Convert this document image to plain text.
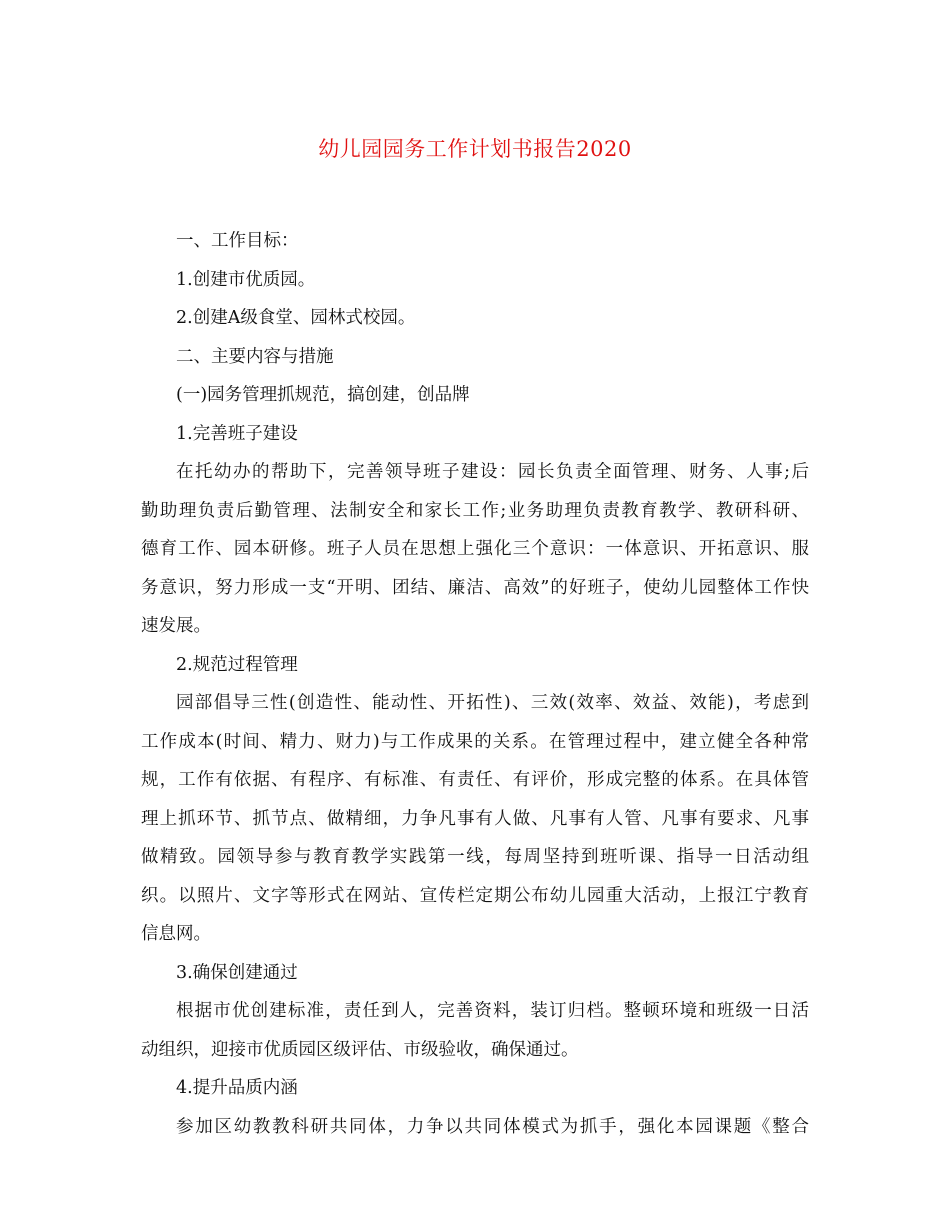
幼儿园园务工作计划书报告2020
一、工作目标：
1.创建市优质园。
2.创建A级食堂、园林式校园。
二、主要内容与措施
(一)园务管理抓规范，搞创建，创品牌
1.完善班子建设
在托幼办的帮助下，完善领导班子建设：园长负责全面管理、财务、人事;后
勤助理负责后勤管理、法制安全和家长工作;业务助理负责教育教学、教研科研、
德育工作、园本研修。班子人员在思想上强化三个意识：一体意识、开拓意识、服
务意识，努力形成一支“开明、团结、廉洁、高效”的好班子，使幼儿园整体工作快
速发展。
2.规范过程管理
园部倡导三性(创造性、能动性、开拓性)、三效(效率、效益、效能)，考虑到
工作成本(时间、精力、财力)与工作成果的关系。在管理过程中，建立健全各种常
规，工作有依据、有程序、有标准、有责任、有评价，形成完整的体系。在具体管
理上抓环节、抓节点、做精细，力争凡事有人做、凡事有人管、凡事有要求、凡事
做精致。园领导参与教育教学实践第一线，每周坚持到班听课、指导一日活动组
织。以照片、文字等形式在网站、宣传栏定期公布幼儿园重大活动，上报江宁教育
信息网。
3.确保创建通过
根据市优创建标准，责任到人，完善资料，装订归档。整顿环境和班级一日活
动组织，迎接市优质园区级评估、市级验收，确保通过。
4.提升品质内涵
参加区幼教教科研共同体，力争以共同体模式为抓手，强化本园课题《整合
